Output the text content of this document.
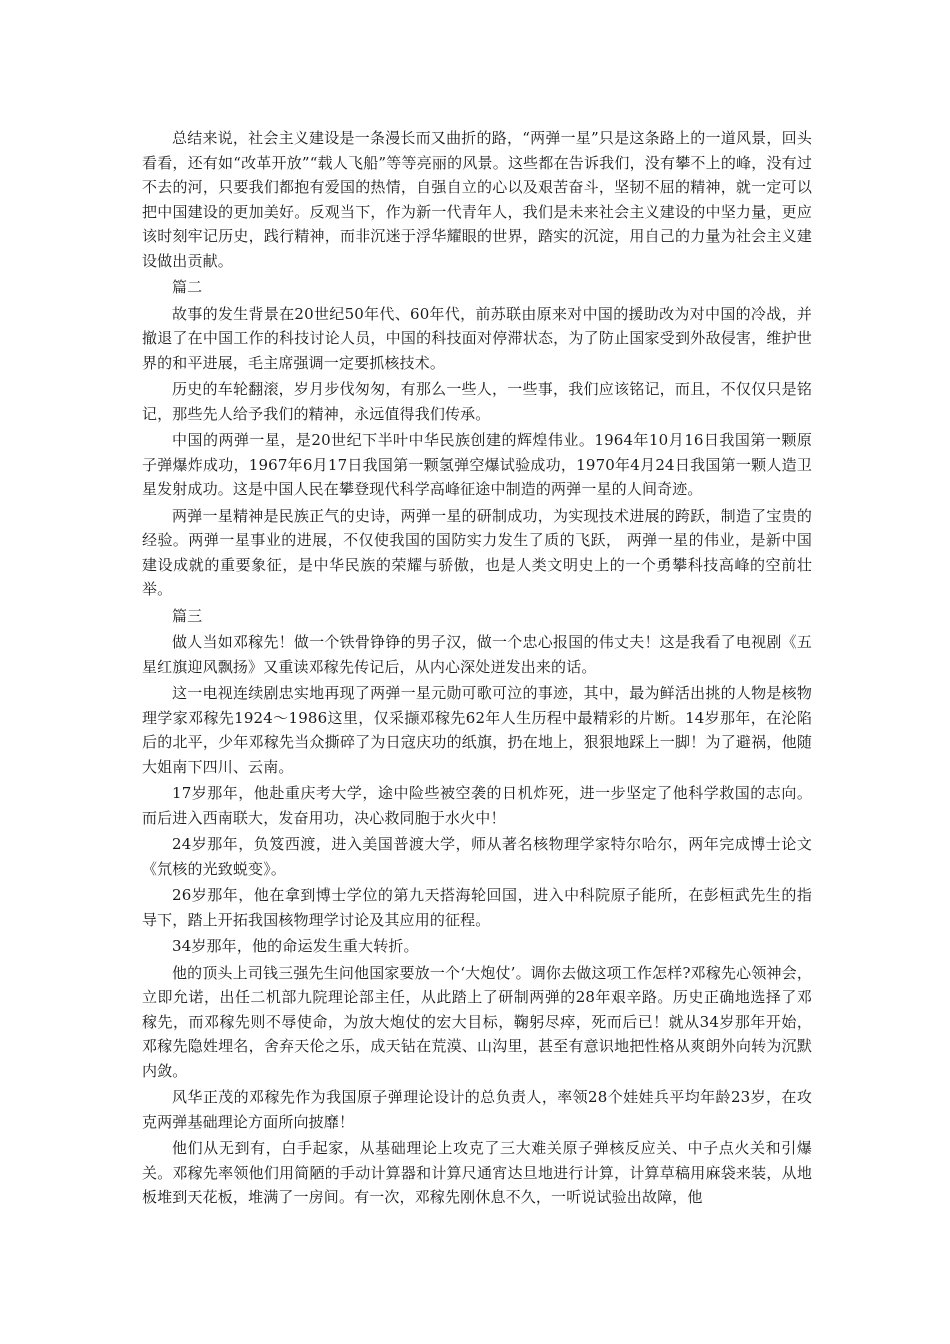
总结来说，社会主义建设是一条漫长而又曲折的路，“两弹一星”只是这条路上的一道风景，回头看看，还有如“改革开放”“载人飞船”等等亮丽的风景。这些都在告诉我们，没有攀不上的峰，没有过不去的河，只要我们都抱有爱国的热情，自强自立的心以及艰苦奋斗，坚韧不屈的精神，就一定可以把中国建设的更加美好。反观当下，作为新一代青年人，我们是未来社会主义建设的中坚力量，更应该时刻牢记历史，践行精神，而非沉迷于浮华耀眼的世界，踏实的沉淀，用自己的力量为社会主义建设做出贡献。

篇二

故事的发生背景在20世纪50年代、60年代，前苏联由原来对中国的援助改为对中国的冷战，并撤退了在中国工作的科技讨论人员，中国的科技面对停滞状态，为了防止国家受到外敌侵害，维护世界的和平进展，毛主席强调一定要抓核技术。

历史的车轮翻滚，岁月步伐匆匆，有那么一些人，一些事，我们应该铭记，而且，不仅仅只是铭记，那些先人给予我们的精神，永远值得我们传承。

中国的两弹一星，是20世纪下半叶中华民族创建的辉煌伟业。1964年10月16日我国第一颗原子弹爆炸成功，1967年6月17日我国第一颗氢弹空爆试验成功，1970年4月24日我国第一颗人造卫星发射成功。这是中国人民在攀登现代科学高峰征途中制造的两弹一星的人间奇迹。

两弹一星精神是民族正气的史诗，两弹一星的研制成功，为实现技术进展的跨跃，制造了宝贵的经验。两弹一星事业的进展，不仅使我国的国防实力发生了质的飞跃， 两弹一星的伟业，是新中国建设成就的重要象征，是中华民族的荣耀与骄傲，也是人类文明史上的一个勇攀科技高峰的空前壮举。

篇三

做人当如邓稼先！做一个铁骨铮铮的男子汉，做一个忠心报国的伟丈夫！这是我看了电视剧《五星红旗迎风飘扬》又重读邓稼先传记后，从内心深处迸发出来的话。

这一电视连续剧忠实地再现了两弹一星元勋可歌可泣的事迹，其中，最为鲜活出挑的人物是核物理学家邓稼先1924～1986这里，仅采撷邓稼先62年人生历程中最精彩的片断。14岁那年，在沦陷后的北平，少年邓稼先当众撕碎了为日寇庆功的纸旗，扔在地上，狠狠地踩上一脚！为了避祸，他随大姐南下四川、云南。

17岁那年，他赴重庆考大学，途中险些被空袭的日机炸死，进一步坚定了他科学救国的志向。而后进入西南联大，发奋用功，决心救同胞于水火中！

24岁那年，负笈西渡，进入美国普渡大学，师从著名核物理学家特尔哈尔，两年完成博士论文《氘核的光致蜕变》。

26岁那年，他在拿到博士学位的第九天搭海轮回国，进入中科院原子能所，在彭桓武先生的指导下，踏上开拓我国核物理学讨论及其应用的征程。

34岁那年，他的命运发生重大转折。

他的顶头上司钱三强先生问他国家要放一个‘大炮仗’。调你去做这项工作怎样?邓稼先心领神会，立即允诺，出任二机部九院理论部主任，从此踏上了研制两弹的28年艰辛路。历史正确地选择了邓稼先，而邓稼先则不辱使命，为放大炮仗的宏大目标，鞠躬尽瘁，死而后已！就从34岁那年开始，邓稼先隐姓埋名，舍弃天伦之乐，成天钻在荒漠、山沟里，甚至有意识地把性格从爽朗外向转为沉默内敛。

风华正茂的邓稼先作为我国原子弹理论设计的总负责人，率领28个娃娃兵平均年龄23岁，在攻克两弹基础理论方面所向披靡！

他们从无到有，白手起家，从基础理论上攻克了三大难关原子弹核反应关、中子点火关和引爆关。邓稼先率领他们用简陋的手动计算器和计算尺通宵达旦地进行计算，计算草稿用麻袋来装，从地板堆到天花板，堆满了一房间。有一次，邓稼先刚休息不久，一听说试验出故障，他
